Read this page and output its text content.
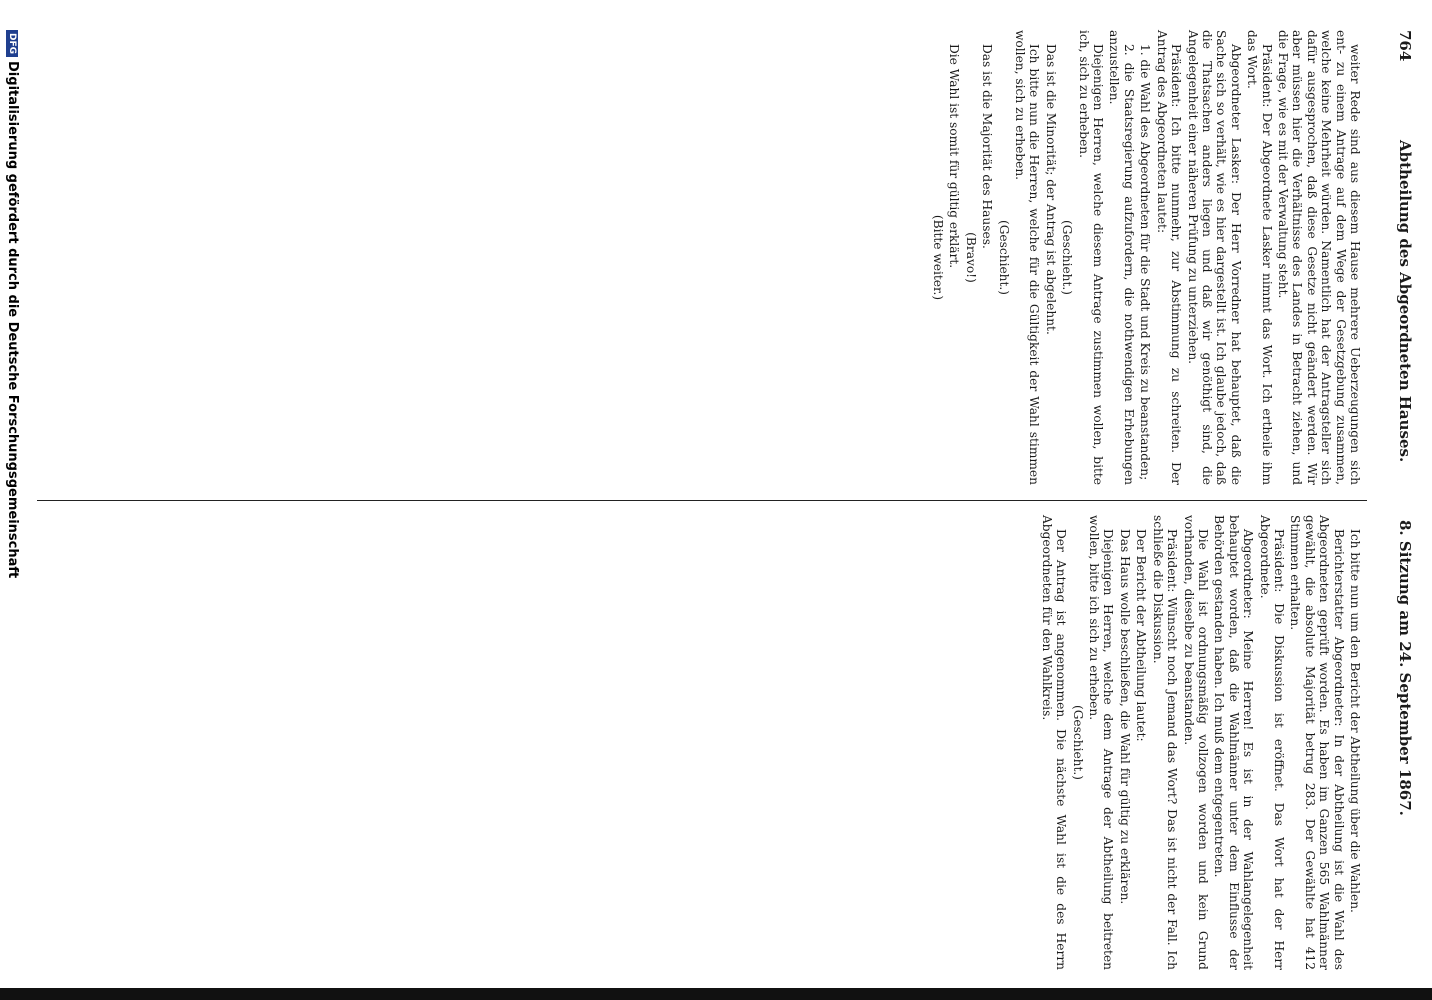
764
Abtheilung des Abgeordneten Hauses.
8. Sitzung am 24. September 1867.

weiter Rede sind aus diesem Hause mehrere Ueberzeugungen sich ent- zu einem Antrage auf dem Wege der Gesetzgebung zusammen, welche keine Mehrheit würden. Namentlich hat der Antragsteller sich dafür ausgesprochen, daß diese Gesetze nicht geändert werden. Wir aber müssen hier die Verhältnisse des Landes in Betracht ziehen, und die Frage, wie es mit der Verwaltung steht.

Präsident: Der Abgeordnete Lasker nimmt das Wort. Ich ertheile ihm das Wort.

Abgeordneter Lasker: Der Herr Vorredner hat behauptet, daß die Sache sich so verhält, wie es hier dargestellt ist. Ich glaube jedoch, daß die Thatsachen anders liegen und daß wir genöthigt sind, die Angelegenheit einer näheren Prüfung zu unterziehen.

Präsident: Ich bitte nunmehr, zur Abstimmung zu schreiten. Der Antrag des Abgeordneten lautet:

1. die Wahl des Abgeordneten für die Stadt und Kreis zu beanstanden;

2. die Staatsregierung aufzufordern, die nothwendigen Erhebungen anzustellen.

Diejenigen Herren, welche diesem Antrage zustimmen wollen, bitte ich, sich zu erheben.

(Geschieht.)

Das ist die Minorität; der Antrag ist abgelehnt.

Ich bitte nun die Herren, welche für die Gültigkeit der Wahl stimmen wollen, sich zu erheben.

(Geschieht.)

Das ist die Majorität des Hauses.

(Bravo!)

Die Wahl ist somit für gültig erklärt.

(Bitte weiter.)

Ich bitte nun um den Bericht der Abtheilung über die Wahlen.

Berichterstatter Abgeordneter: In der Abtheilung ist die Wahl des Abgeordneten geprüft worden. Es haben im Ganzen 565 Wahlmänner gewählt, die absolute Majorität betrug 283. Der Gewählte hat 412 Stimmen erhalten.

Präsident: Die Diskussion ist eröffnet. Das Wort hat der Herr Abgeordnete.

Abgeordneter: Meine Herren! Es ist in der Wahlangelegenheit behauptet worden, daß die Wahlmänner unter dem Einflusse der Behörden gestanden haben. Ich muß dem entgegentreten.

Die Wahl ist ordnungsmäßig vollzogen worden und kein Grund vorhanden, dieselbe zu beanstanden.

Präsident: Wünscht noch Jemand das Wort? Das ist nicht der Fall. Ich schließe die Diskussion.

Der Bericht der Abtheilung lautet:

Das Haus wolle beschließen, die Wahl für gültig zu erklären.

Diejenigen Herren, welche dem Antrage der Abtheilung beitreten wollen, bitte ich sich zu erheben.

(Geschieht.)

Der Antrag ist angenommen. Die nächste Wahl ist die des Herrn Abgeordneten für den Wahlkreis.

DFGDigitalisierung gefördert durch die Deutsche Forschungsgemeinschaft
